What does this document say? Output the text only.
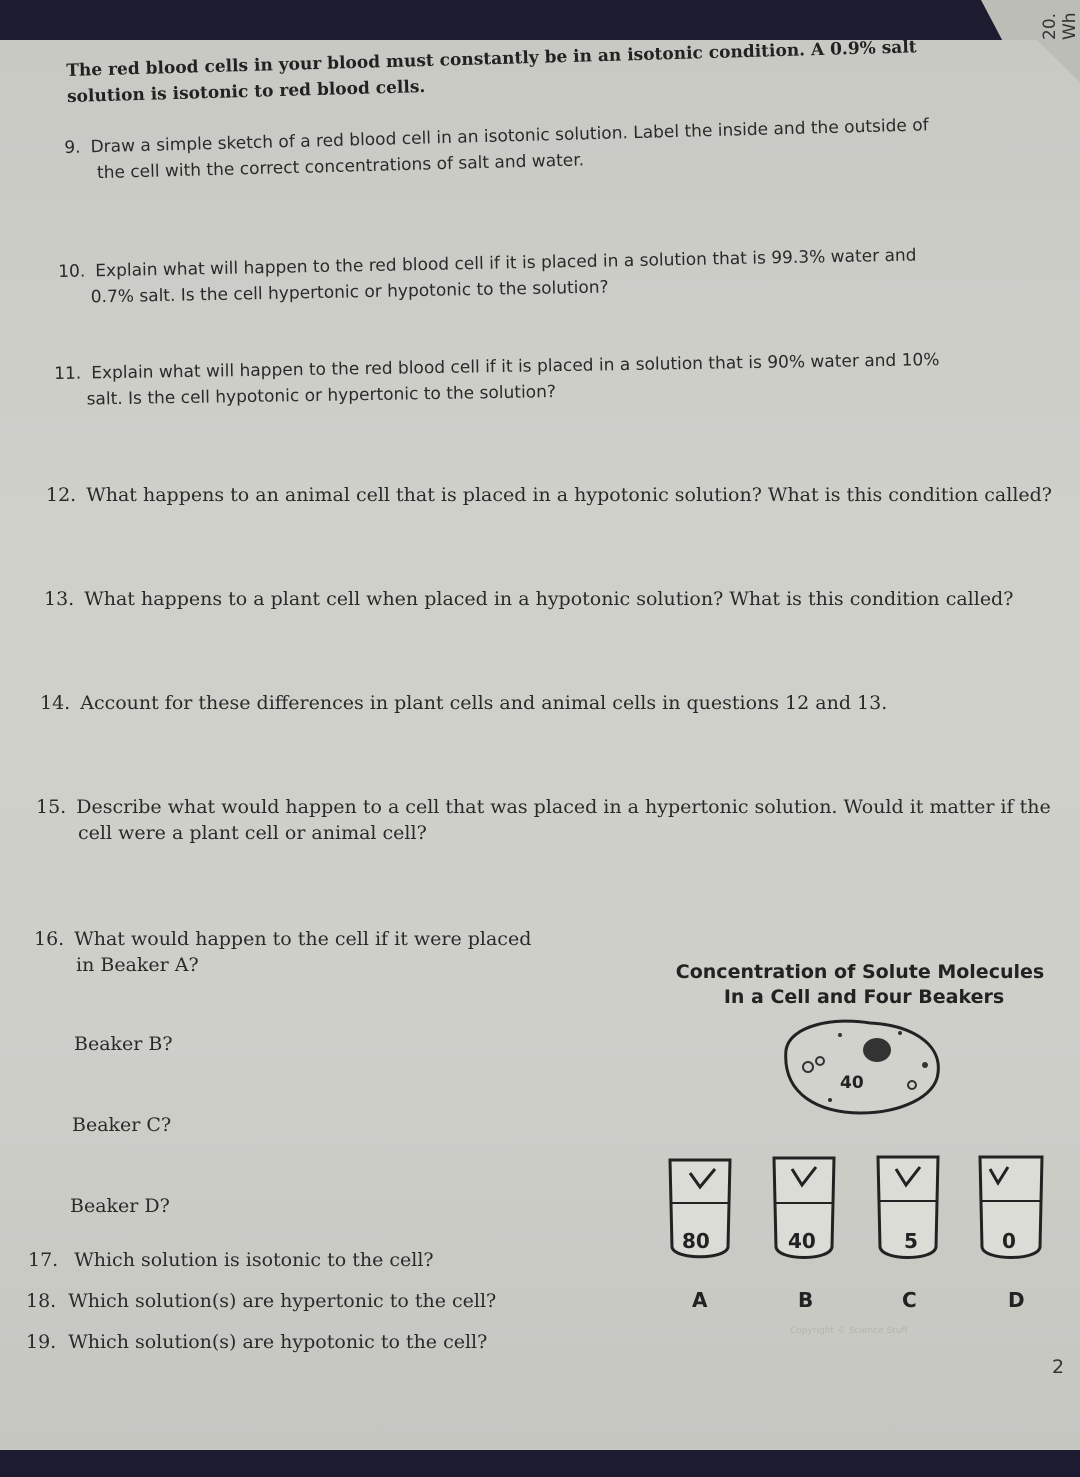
20. Wh
The red blood cells in your blood must constantly be in an isotonic condition. A 0.9% salt
solution is isotonic to red blood cells.
9. Draw a simple sketch of a red blood cell in an isotonic solution. Label the inside and the outside of
the cell with the correct concentrations of salt and water.
10. Explain what will happen to the red blood cell if it is placed in a solution that is 99.3% water and
0.7% salt. Is the cell hypertonic or hypotonic to the solution?
11. Explain what will happen to the red blood cell if it is placed in a solution that is 90% water and 10%
salt. Is the cell hypotonic or hypertonic to the solution?
12. What happens to an animal cell that is placed in a hypotonic solution? What is this condition called?
13. What happens to a plant cell when placed in a hypotonic solution? What is this condition called?
14. Account for these differences in plant cells and animal cells in questions 12 and 13.
15. Describe what would happen to a cell that was placed in a hypertonic solution. Would it matter if the
cell were a plant cell or animal cell?
16. What would happen to the cell if it were placed
in Beaker A?
Beaker B?
Beaker C?
Beaker D?
17. Which solution is isotonic to the cell?
18. Which solution(s) are hypertonic to the cell?
19. Which solution(s) are hypotonic to the cell?
Concentration of Solute Molecules
In a Cell and Four Beakers
40
80
A
40
B
5
C
0
D
Copyright © Science Stuff
2
